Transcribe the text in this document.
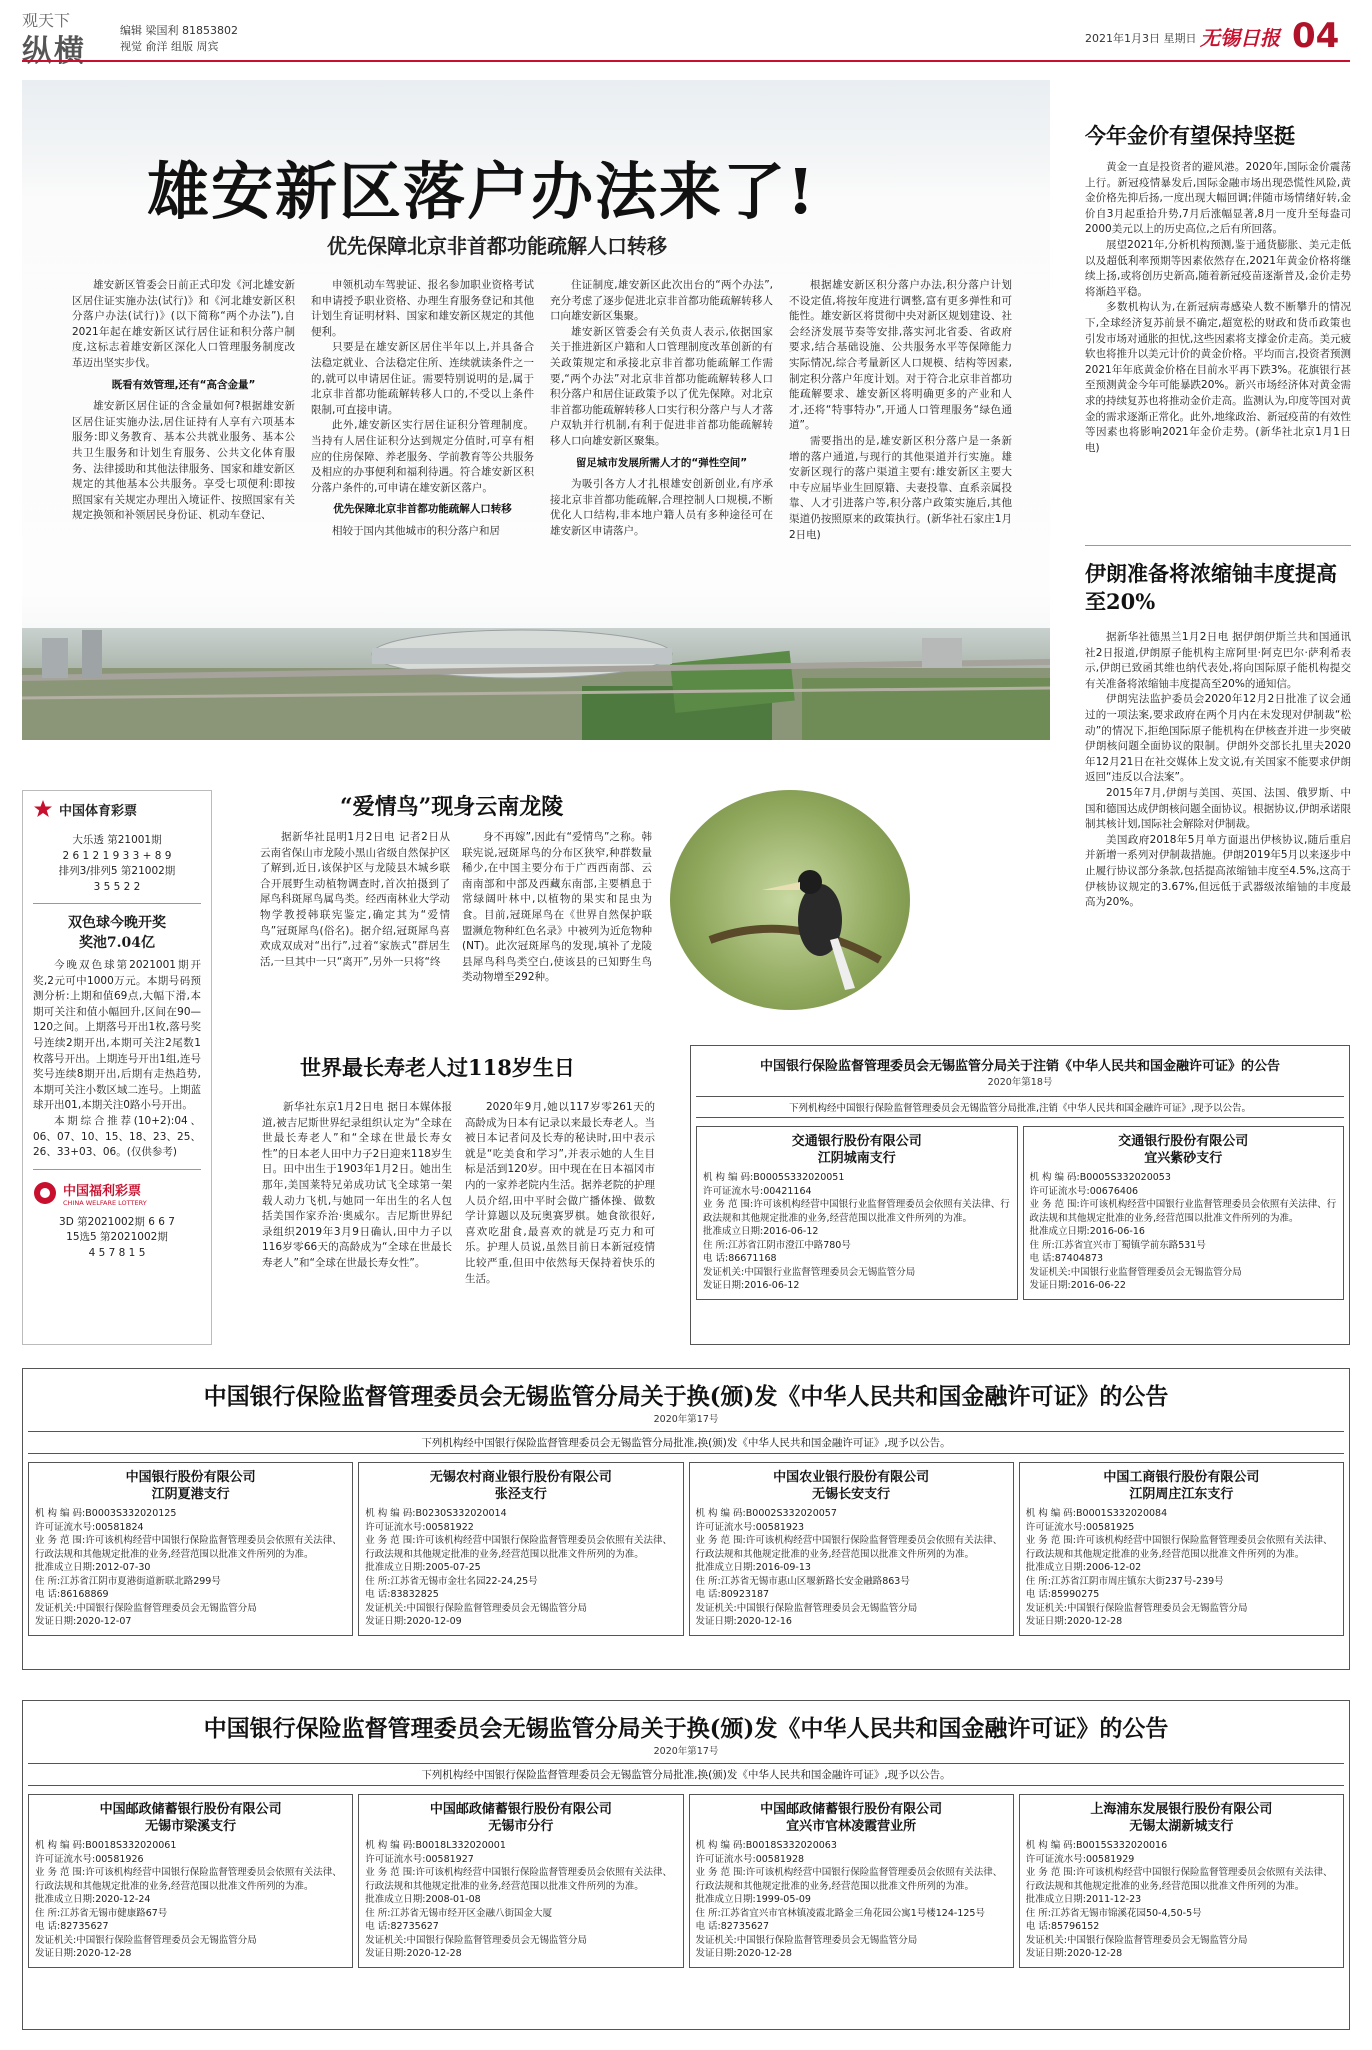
观天下
纵横
编辑 梁国利 81853802
视觉 俞洋 组版 周宾
2021年1月3日 星期日 无锡日报 04
雄安新区落户办法来了!
优先保障北京非首都功能疏解人口转移

雄安新区管委会日前正式印发《河北雄安新区居住证实施办法(试行)》和《河北雄安新区积分落户办法(试行)》(以下简称“两个办法”),自2021年起在雄安新区试行居住证和积分落户制度,这标志着雄安新区深化人口管理服务制度改革迈出坚实步伐。

既看有效管理,还有“高含金量”

雄安新区居住证的含金量如何?根据雄安新区居住证实施办法,居住证持有人享有六项基本服务:即义务教育、基本公共就业服务、基本公共卫生服务和计划生育服务、公共文化体育服务、法律援助和其他法律服务、国家和雄安新区规定的其他基本公共服务。享受七项便利:即按照国家有关规定办理出入境证件、按照国家有关规定换领和补领居民身份证、机动车登记、

申领机动车驾驶证、报名参加职业资格考试和申请授予职业资格、办理生育服务登记和其他计划生育证明材料、国家和雄安新区规定的其他便利。

只要是在雄安新区居住半年以上,并具备合法稳定就业、合法稳定住所、连续就读条件之一的,就可以申请居住证。需要特别说明的是,属于北京非首都功能疏解转移人口的,不受以上条件限制,可直接申请。

此外,雄安新区实行居住证积分管理制度。当持有人居住证积分达到规定分值时,可享有相应的住房保障、养老服务、学前教育等公共服务及相应的办事便利和福利待遇。符合雄安新区积分落户条件的,可申请在雄安新区落户。

优先保障北京非首都功能疏解人口转移

相较于国内其他城市的积分落户和居

住证制度,雄安新区此次出台的“两个办法”,充分考虑了逐步促进北京非首都功能疏解转移人口向雄安新区集聚。

雄安新区管委会有关负责人表示,依据国家关于推进新区户籍和人口管理制度改革创新的有关政策规定和承接北京非首都功能疏解工作需要,“两个办法”对北京非首都功能疏解转移人口积分落户和居住证政策予以了优先保障。对北京非首都功能疏解转移人口实行积分落户与人才落户双轨并行机制,有利于促进非首都功能疏解转移人口向雄安新区聚集。

留足城市发展所需人才的“弹性空间”

为吸引各方人才扎根雄安创新创业,有序承接北京非首都功能疏解,合理控制人口规模,不断优化人口结构,非本地户籍人员有多种途径可在雄安新区申请落户。

根据雄安新区积分落户办法,积分落户计划不设定值,将按年度进行调整,富有更多弹性和可能性。雄安新区将贯彻中央对新区规划建设、社会经济发展节奏等安排,落实河北省委、省政府要求,结合基础设施、公共服务水平等保障能力实际情况,综合考量新区人口规模、结构等因素,制定积分落户年度计划。对于符合北京非首都功能疏解要求、雄安新区将明确更多的产业和人才,还将“特事特办”,开通人口管理服务“绿色通道”。

需要指出的是,雄安新区积分落户是一条新增的落户通道,与现行的其他渠道并行实施。雄安新区现行的落户渠道主要有:雄安新区主要大中专应届毕业生回原籍、夫妻投靠、直系亲属投靠、人才引进落户等,积分落户政策实施后,其他渠道仍按照原来的政策执行。(新华社石家庄1月2日电)

今年金价有望保持坚挺

黄金一直是投资者的避风港。2020年,国际金价震荡上行。新冠疫情暴发后,国际金融市场出现恐慌性风险,黄金价格先抑后扬,一度出现大幅回调;伴随市场情绪好转,金价自3月起重拾升势,7月后涨幅显著,8月一度升至每盎司2000美元以上的历史高位,之后有所回落。

展望2021年,分析机构预测,鉴于通货膨胀、美元走低以及超低利率预期等因素依然存在,2021年黄金价格将继续上扬,或将创历史新高,随着新冠疫苗逐渐普及,金价走势将渐趋平稳。

多数机构认为,在新冠病毒感染人数不断攀升的情况下,全球经济复苏前景不确定,超宽松的财政和货币政策也引发市场对通胀的担忧,这些因素将支撑金价走高。美元疲软也将推升以美元计价的黄金价格。平均而言,投资者预测2021年年底黄金价格在目前水平再下跌3%。花旗银行甚至预测黄金今年可能暴跌20%。新兴市场经济体对黄金需求的持续复苏也将推动金价走高。监测认为,印度等国对黄金的需求逐渐正常化。此外,地缘政治、新冠疫苗的有效性等因素也将影响2021年金价走势。(新华社北京1月1日电)

伊朗准备将浓缩铀丰度提高至20%

据新华社德黑兰1月2日电 据伊朗伊斯兰共和国通讯社2日报道,伊朗原子能机构主席阿里·阿克巴尔·萨利希表示,伊朗已致函其维也纳代表处,将向国际原子能机构提交有关准备将浓缩铀丰度提高至20%的通知信。

伊朗宪法监护委员会2020年12月2日批准了议会通过的一项法案,要求政府在两个月内在未发现对伊制裁“松动”的情况下,拒绝国际原子能机构在伊核查并进一步突破伊朗核问题全面协议的限制。伊朗外交部长扎里夫2020年12月21日在社交媒体上发文说,有关国家不能要求伊朗返回“违反以合法案”。

2015年7月,伊朗与美国、英国、法国、俄罗斯、中国和德国达成伊朗核问题全面协议。根据协议,伊朗承诺限制其核计划,国际社会解除对伊制裁。

美国政府2018年5月单方面退出伊核协议,随后重启并新增一系列对伊制裁措施。伊朗2019年5月以来逐步中止履行协议部分条款,包括提高浓缩铀丰度至4.5%,这高于伊核协议规定的3.67%,但远低于武器级浓缩铀的丰度最高为20%。

中国体育彩票
大乐透 第21001期
2 6 1 2 1 9 3 3 + 8 9
排列3/排列5 第21002期
3 5 5 2 2
双色球今晚开奖
奖池7.04亿
今晚双色球第2021001期开奖,2元可中1000万元。本期号码预测分析:上期和值69点,大幅下滑,本期可关注和值小幅回升,区间在90—120之间。上期落号开出1枚,落号奖号连续2期开出,本期可关注2尾数1枚落号开出。上期连号开出1组,连号奖号连续8期开出,后期有走热趋势,本期可关注小数区域二连号。上期蓝球开出01,本期关注0路小号开出。
本期综合推荐(10+2):04、06、07、10、15、18、23、25、26、33+03、06。(仅供参考)
中国福利彩票
CHINA WELFARE LOTTERY
3D 第2021002期 6 6 7
15选5 第2021002期
4 5 7 8 1 5
“爱情鸟”现身云南龙陵
据新华社昆明1月2日电 记者2日从云南省保山市龙陵小黑山省级自然保护区了解到,近日,该保护区与龙陵县木城乡联合开展野生动植物调查时,首次拍摄到了犀鸟科斑犀鸟属鸟类。经西南林业大学动物学教授韩联宪鉴定,确定其为“爱情鸟”冠斑犀鸟(俗名)。据介绍,冠斑犀鸟喜欢成双成对“出行”,过着“家族式”群居生活,一旦其中一只“离开”,另外一只将“终
身不再嫁”,因此有“爱情鸟”之称。韩联宪说,冠斑犀鸟的分布区狭窄,种群数量稀少,在中国主要分布于广西西南部、云南南部和中部及西藏东南部,主要栖息于常绿阔叶林中,以植物的果实和昆虫为食。目前,冠斑犀鸟在《世界自然保护联盟濒危物种红色名录》中被列为近危物种(NT)。此次冠斑犀鸟的发现,填补了龙陵县犀鸟科鸟类空白,使该县的已知野生鸟类动物增至292种。
世界最长寿老人过118岁生日
新华社东京1月2日电 据日本媒体报道,被吉尼斯世界纪录组织认定为“全球在世最长寿老人”和“全球在世最长寿女性”的日本老人田中力子2日迎来118岁生日。田中出生于1903年1月2日。她出生那年,美国莱特兄弟成功试飞全球第一架载人动力飞机,与她同一年出生的名人包括美国作家乔治·奥威尔。吉尼斯世界纪录组织2019年3月9日确认,田中力子以116岁零66天的高龄成为“全球在世最长寿老人”和“全球在世最长寿女性”。
2020年9月,她以117岁零261天的高龄成为日本有记录以来最长寿老人。当被日本记者问及长寿的秘诀时,田中表示就是“吃美食和学习”,并表示她的人生目标是活到120岁。田中现在在日本福冈市内的一家养老院内生活。据养老院的护理人员介绍,田中平时会做广播体操、做数学计算题以及玩奥赛罗棋。她食欲很好,喜欢吃甜食,最喜欢的就是巧克力和可乐。护理人员说,虽然目前日本新冠疫情比较严重,但田中依然每天保持着快乐的生活。
中国银行保险监督管理委员会无锡监管分局关于注销《中华人民共和国金融许可证》的公告
2020年第18号
下列机构经中国银行保险监督管理委员会无锡监管分局批准,注销《中华人民共和国金融许可证》,现予以公告。
交通银行股份有限公司
江阴城南支行
机 构 编 码:B0005S332020051
许可证流水号:00421164
业 务 范 围:许可该机构经营中国银行业监督管理委员会依照有关法律、行政法规和其他规定批准的业务,经营范围以批准文件所列的为准。
批准成立日期:2016-06-12
住 所:江苏省江阴市澄江中路780号
电 话:86671168
发证机关:中国银行业监督管理委员会无锡监管分局
发证日期:2016-06-12
交通银行股份有限公司
宜兴紫砂支行
机 构 编 码:B0005S332020053
许可证流水号:00676406
业 务 范 围:许可该机构经营中国银行业监督管理委员会依照有关法律、行政法规和其他规定批准的业务,经营范围以批准文件所列的为准。
批准成立日期:2016-06-16
住 所:江苏省宜兴市丁蜀镇学前东路531号
电 话:87404873
发证机关:中国银行业监督管理委员会无锡监管分局
发证日期:2016-06-22
中国银行保险监督管理委员会无锡监管分局关于换(颁)发《中华人民共和国金融许可证》的公告
2020年第17号
下列机构经中国银行保险监督管理委员会无锡监管分局批准,换(颁)发《中华人民共和国金融许可证》,现予以公告。
中国银行股份有限公司
江阴夏港支行
机 构 编 码:B0003S332020125
许可证流水号:00581824
业 务 范 围:许可该机构经营中国银行保险监督管理委员会依照有关法律、行政法规和其他规定批准的业务,经营范围以批准文件所列的为准。
批准成立日期:2012-07-30
住 所:江苏省江阴市夏港街道新联北路299号
电 话:86168869
发证机关:中国银行保险监督管理委员会无锡监管分局
发证日期:2020-12-07
无锡农村商业银行股份有限公司
张泾支行
机 构 编 码:B0230S332020014
许可证流水号:00581922
业 务 范 围:许可该机构经营中国银行保险监督管理委员会依照有关法律、行政法规和其他规定批准的业务,经营范围以批准文件所列的为准。
批准成立日期:2005-07-25
住 所:江苏省无锡市金壮名园22-24,25号
电 话:83832825
发证机关:中国银行保险监督管理委员会无锡监管分局
发证日期:2020-12-09
中国农业银行股份有限公司
无锡长安支行
机 构 编 码:B0002S332020057
许可证流水号:00581923
业 务 范 围:许可该机构经营中国银行保险监督管理委员会依照有关法律、行政法规和其他规定批准的业务,经营范围以批准文件所列的为准。
批准成立日期:2016-09-13
住 所:江苏省无锡市惠山区堰新路长安金融路863号
电 话:80923187
发证机关:中国银行保险监督管理委员会无锡监管分局
发证日期:2020-12-16
中国工商银行股份有限公司
江阴周庄江东支行
机 构 编 码:B0001S332020084
许可证流水号:00581925
业 务 范 围:许可该机构经营中国银行保险监督管理委员会依照有关法律、行政法规和其他规定批准的业务,经营范围以批准文件所列的为准。
批准成立日期:2006-12-02
住 所:江苏省江阴市周庄镇东大街237号-239号
电 话:85990275
发证机关:中国银行保险监督管理委员会无锡监管分局
发证日期:2020-12-28
中国银行保险监督管理委员会无锡监管分局关于换(颁)发《中华人民共和国金融许可证》的公告
2020年第17号
下列机构经中国银行保险监督管理委员会无锡监管分局批准,换(颁)发《中华人民共和国金融许可证》,现予以公告。
中国邮政储蓄银行股份有限公司
无锡市梁溪支行
机 构 编 码:B0018S332020061
许可证流水号:00581926
业 务 范 围:许可该机构经营中国银行保险监督管理委员会依照有关法律、行政法规和其他规定批准的业务,经营范围以批准文件所列的为准。
批准成立日期:2020-12-24
住 所:江苏省无锡市健康路67号
电 话:82735627
发证机关:中国银行保险监督管理委员会无锡监管分局
发证日期:2020-12-28
中国邮政储蓄银行股份有限公司
无锡市分行
机 构 编 码:B0018L332020001
许可证流水号:00581927
业 务 范 围:许可该机构经营中国银行保险监督管理委员会依照有关法律、行政法规和其他规定批准的业务,经营范围以批准文件所列的为准。
批准成立日期:2008-01-08
住 所:江苏省无锡市经开区金融八街国金大厦
电 话:82735627
发证机关:中国银行保险监督管理委员会无锡监管分局
发证日期:2020-12-28
中国邮政储蓄银行股份有限公司
宜兴市官林凌霞营业所
机 构 编 码:B0018S332020063
许可证流水号:00581928
业 务 范 围:许可该机构经营中国银行保险监督管理委员会依照有关法律、行政法规和其他规定批准的业务,经营范围以批准文件所列的为准。
批准成立日期:1999-05-09
住 所:江苏省宜兴市官林镇凌霞北路金三角花园公寓1号楼124-125号
电 话:82735627
发证机关:中国银行保险监督管理委员会无锡监管分局
发证日期:2020-12-28
上海浦东发展银行股份有限公司
无锡太湖新城支行
机 构 编 码:B0015S332020016
许可证流水号:00581929
业 务 范 围:许可该机构经营中国银行保险监督管理委员会依照有关法律、行政法规和其他规定批准的业务,经营范围以批准文件所列的为准。
批准成立日期:2011-12-23
住 所:江苏省无锡市锦溪花园50-4,50-5号
电 话:85796152
发证机关:中国银行保险监督管理委员会无锡监管分局
发证日期:2020-12-28
